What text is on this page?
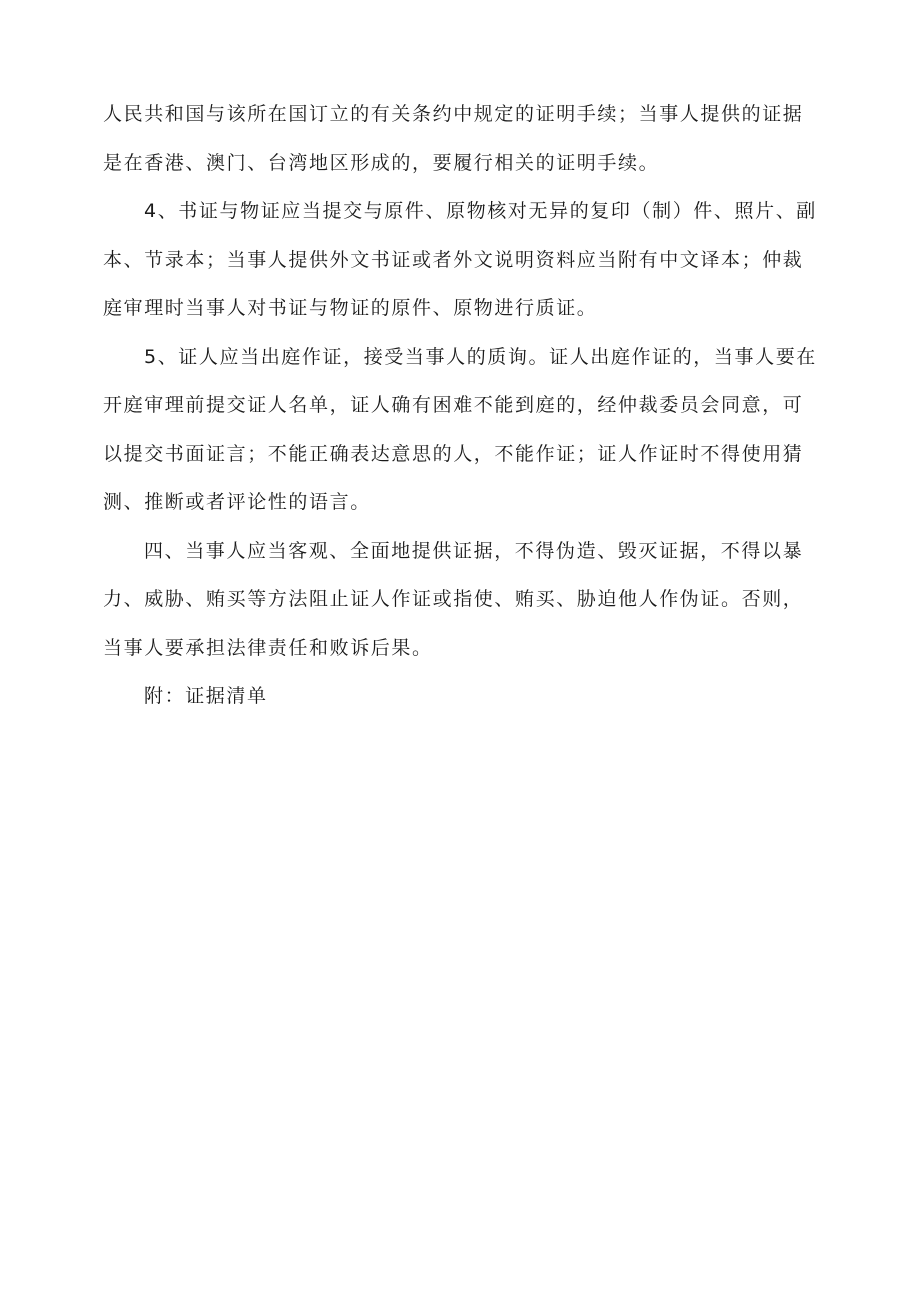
人民共和国与该所在国订立的有关条约中规定的证明手续；当事人提供的证据是在香港、澳门、台湾地区形成的，要履行相关的证明手续。

4、书证与物证应当提交与原件、原物核对无异的复印（制）件、照片、副本、节录本；当事人提供外文书证或者外文说明资料应当附有中文译本；仲裁庭审理时当事人对书证与物证的原件、原物进行质证。

5、证人应当出庭作证，接受当事人的质询。证人出庭作证的，当事人要在开庭审理前提交证人名单，证人确有困难不能到庭的，经仲裁委员会同意，可以提交书面证言；不能正确表达意思的人，不能作证；证人作证时不得使用猜测、推断或者评论性的语言。

四、当事人应当客观、全面地提供证据，不得伪造、毁灭证据，不得以暴力、威胁、贿买等方法阻止证人作证或指使、贿买、胁迫他人作伪证。否则，当事人要承担法律责任和败诉后果。

附：证据清单
